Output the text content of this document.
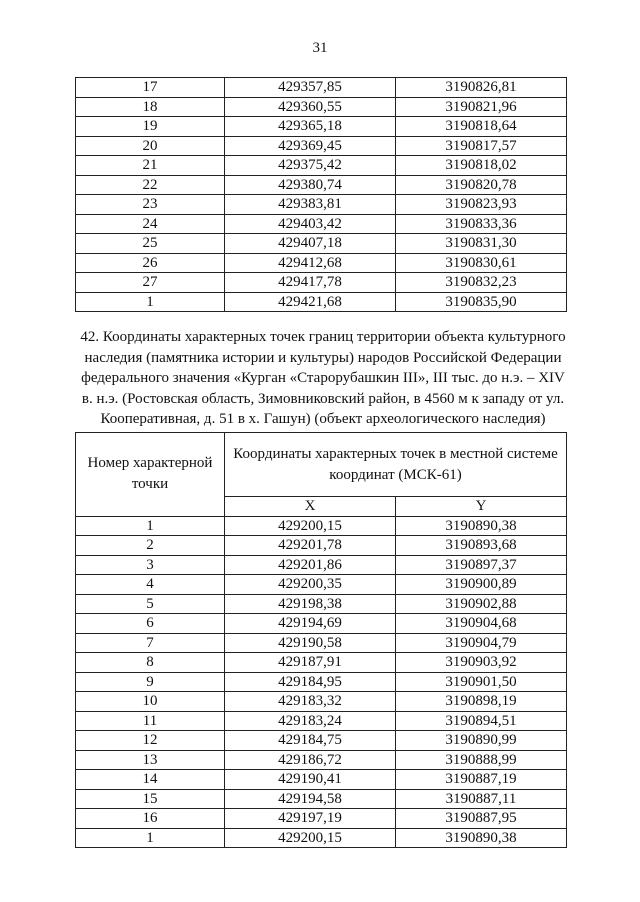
31
17	429357,85	3190826,81
18	429360,55	3190821,96
19	429365,18	3190818,64
20	429369,45	3190817,57
21	429375,42	3190818,02
22	429380,74	3190820,78
23	429383,81	3190823,93
24	429403,42	3190833,36
25	429407,18	3190831,30
26	429412,68	3190830,61
27	429417,78	3190832,23
1	429421,68	3190835,90
42. Координаты характерных точек границ территории объекта культурного наследия (памятника истории и культуры) народов Российской Федерации федерального значения «Курган «Старорубашкин III», III тыс. до н.э. – XIV в. н.э. (Ростовская область, Зимовниковский район, в 4560 м к западу от ул. Кооперативная, д. 51 в х. Гашун) (объект археологического наследия)
Номер характерной точки	Координаты характерных точек в местной системе координат (МСК-61)	
	X	Y
1	429200,15	3190890,38
2	429201,78	3190893,68
3	429201,86	3190897,37
4	429200,35	3190900,89
5	429198,38	3190902,88
6	429194,69	3190904,68
7	429190,58	3190904,79
8	429187,91	3190903,92
9	429184,95	3190901,50
10	429183,32	3190898,19
11	429183,24	3190894,51
12	429184,75	3190890,99
13	429186,72	3190888,99
14	429190,41	3190887,19
15	429194,58	3190887,11
16	429197,19	3190887,95
1	429200,15	3190890,38
